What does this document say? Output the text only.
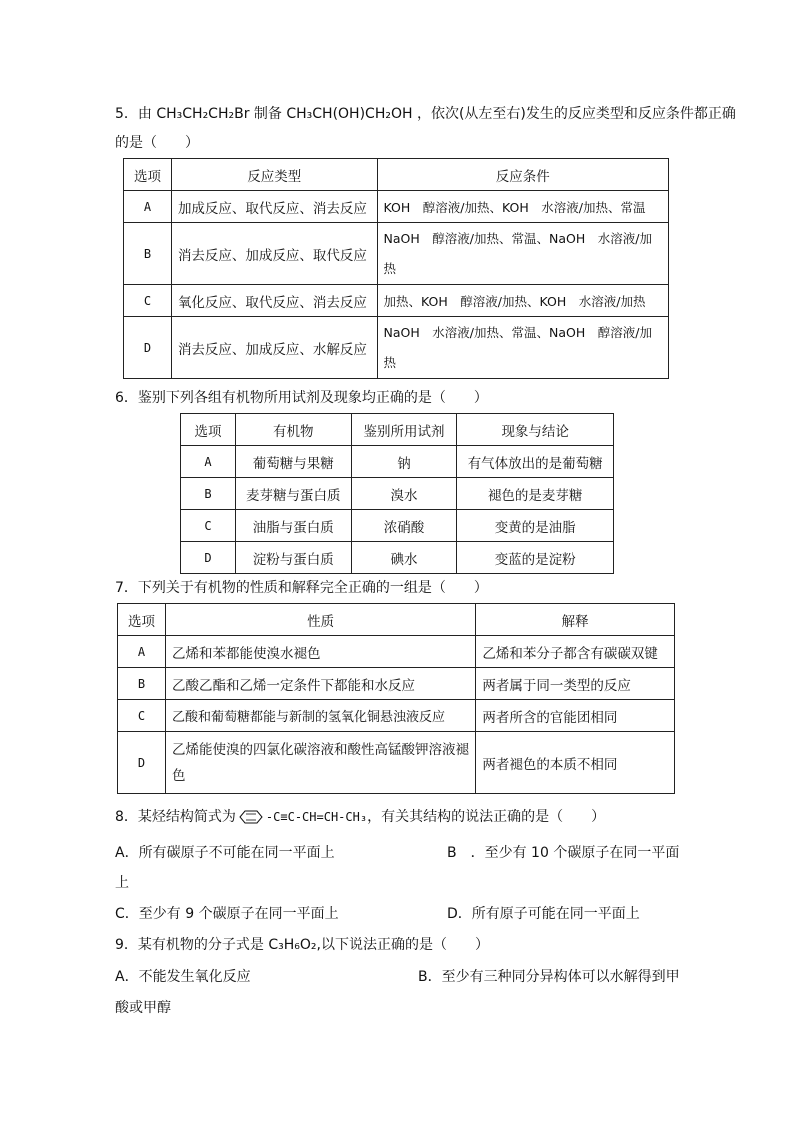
5．由 CH₃CH₂CH₂Br 制备 CH₃CH(OH)CH₂OH ，依次(从左至右)发生的反应类型和反应条件都正确
的是（　　）
选项	反应类型	反应条件
A	加成反应、取代反应、消去反应	KOH　醇溶液/加热、KOH　水溶液/加热、常温
B	消去反应、加成反应、取代反应	NaOH　醇溶液/加热、常温、NaOH　水溶液/加热
C	氧化反应、取代反应、消去反应	加热、KOH　醇溶液/加热、KOH　水溶液/加热
D	消去反应、加成反应、水解反应	NaOH　水溶液/加热、常温、NaOH　醇溶液/加热
6．鉴别下列各组有机物所用试剂及现象均正确的是（　　）
选项	有机物	鉴别所用试剂	现象与结论
A	葡萄糖与果糖	钠	有气体放出的是葡萄糖
B	麦芽糖与蛋白质	溴水	褪色的是麦芽糖
C	油脂与蛋白质	浓硝酸	变黄的是油脂
D	淀粉与蛋白质	碘水	变蓝的是淀粉
7．下列关于有机物的性质和解释完全正确的一组是（　　）
选项	性质	解释
A	乙烯和苯都能使溴水褪色	乙烯和苯分子都含有碳碳双键
B	乙酸乙酯和乙烯一定条件下都能和水反应	两者属于同一类型的反应
C	乙酸和葡萄糖都能与新制的氢氧化铜悬浊液反应	两者所含的官能团相同
D	乙烯能使溴的四氯化碳溶液和酸性高锰酸钾溶液褪色	两者褪色的本质不相同
8．某烃结构简式为	-C≡C-CH=CH-CH₃，有关其结构的说法正确的是（　　）
A．所有碳原子不可能在同一平面上	B　．至少有 10 个碳原子在同一平面
上
C．至少有 9 个碳原子在同一平面上	D．所有原子可能在同一平面上
9．某有机物的分子式是 C₃H₆O₂,以下说法正确的是（　　）
A．不能发生氧化反应	B．至少有三种同分异构体可以水解得到甲
酸或甲醇
